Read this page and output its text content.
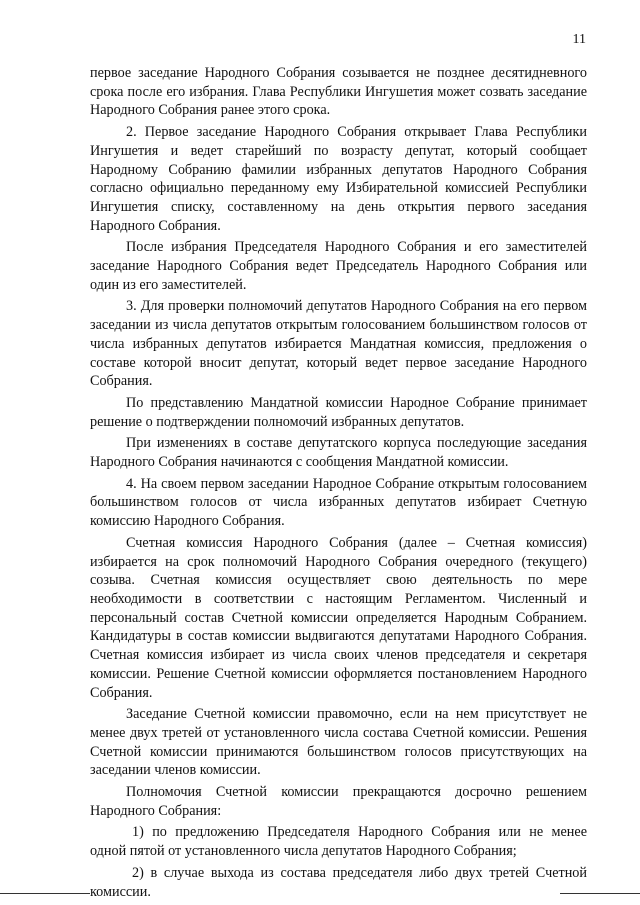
11

первое заседание Народного Собрания созывается не позднее десятидневного срока после его избрания. Глава Республики Ингушетия может созвать заседание Народного Собрания ранее этого срока.

2. Первое заседание Народного Собрания открывает Глава Республики Ингушетия и ведет старейший по возрасту депутат, который сообщает Народному Собранию фамилии избранных депутатов Народного Собрания согласно официально переданному ему Избирательной комиссией Республики Ингушетия списку, составленному на день открытия первого заседания Народного Собрания.

После избрания Председателя Народного Собрания и его заместителей заседание Народного Собрания ведет Председатель Народного Собрания или один из его заместителей.

3. Для проверки полномочий депутатов Народного Собрания на его первом заседании из числа депутатов открытым голосованием большинством голосов от числа избранных депутатов избирается Мандатная комиссия, предложения о составе которой вносит депутат, который ведет первое заседание Народного Собрания.

По представлению Мандатной комиссии Народное Собрание принимает решение о подтверждении полномочий избранных депутатов.

При изменениях в составе депутатского корпуса последующие заседания Народного Собрания начинаются с сообщения Мандатной комиссии.

4. На своем первом заседании Народное Собрание открытым голосованием большинством голосов от числа избранных депутатов избирает Счетную комиссию Народного Собрания.

Счетная комиссия Народного Собрания (далее – Счетная комиссия) избирается на срок полномочий Народного Собрания очередного (текущего) созыва. Счетная комиссия осуществляет свою деятельность по мере необходимости в соответствии с настоящим Регламентом. Численный и персональный состав Счетной комиссии определяется Народным Собранием. Кандидатуры в состав комиссии выдвигаются депутатами Народного Собрания. Счетная комиссия избирает из числа своих членов председателя и секретаря комиссии. Решение Счетной комиссии оформляется постановлением Народного Собрания.

Заседание Счетной комиссии правомочно, если на нем присутствует не менее двух третей от установленного числа состава Счетной комиссии. Решения Счетной комиссии принимаются большинством голосов присутствующих на заседании членов комиссии.

Полномочия Счетной комиссии прекращаются досрочно решением Народного Собрания:

1) по предложению Председателя Народного Собрания или не менее одной пятой от установленного числа депутатов Народного Собрания;

2) в случае выхода из состава председателя либо двух третей Счетной комиссии.
